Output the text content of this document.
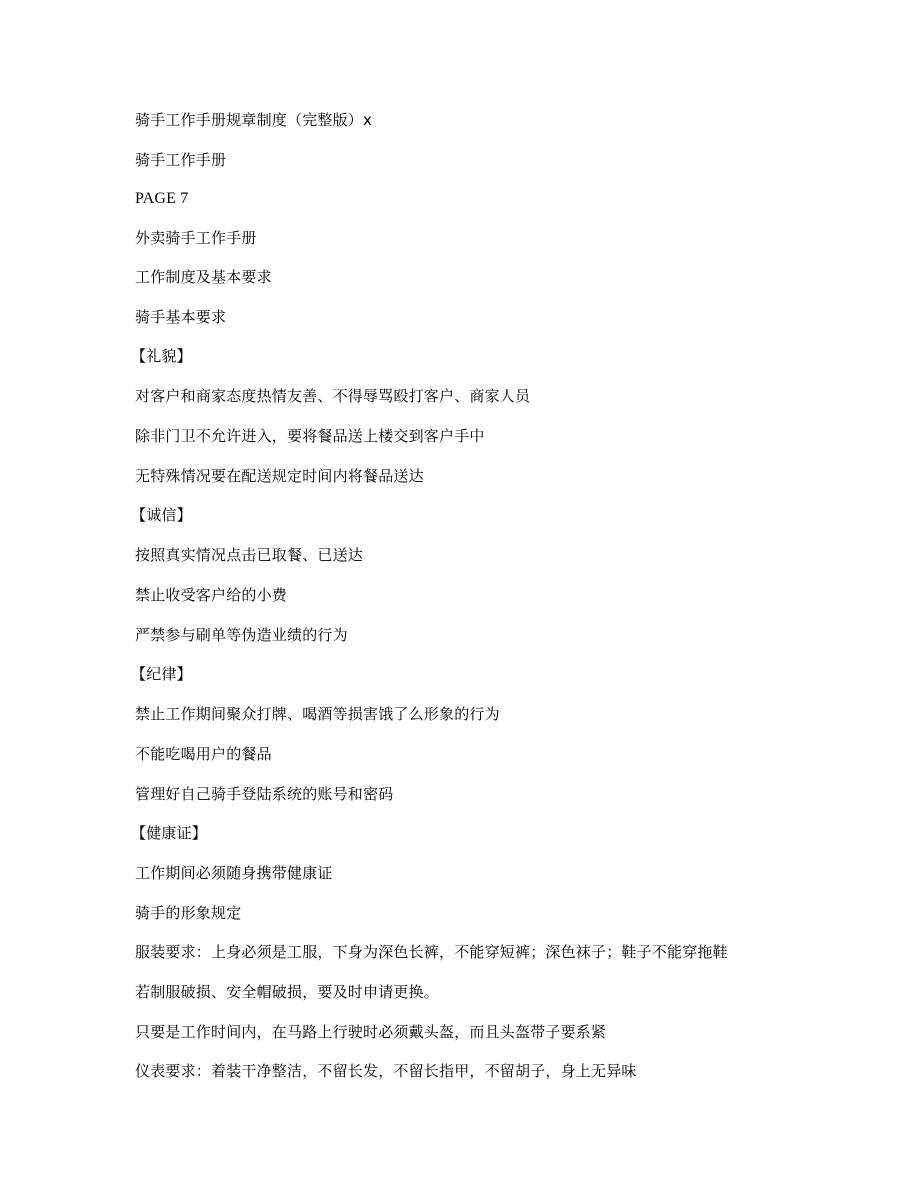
骑手工作手册规章制度（完整版）x
骑手工作手册
PAGE 7
外卖骑手工作手册
工作制度及基本要求
骑手基本要求
【礼貌】
对客户和商家态度热情友善、不得辱骂殴打客户、商家人员
除非门卫不允许进入，要将餐品送上楼交到客户手中
无特殊情况要在配送规定时间内将餐品送达
【诚信】
按照真实情况点击已取餐、已送达
禁止收受客户给的小费
严禁参与刷单等伪造业绩的行为
【纪律】
禁止工作期间聚众打牌、喝酒等损害饿了么形象的行为
不能吃喝用户的餐品
管理好自己骑手登陆系统的账号和密码
【健康证】
工作期间必须随身携带健康证
骑手的形象规定
服装要求：上身必须是工服，下身为深色长裤，不能穿短裤；深色袜子；鞋子不能穿拖鞋
若制服破损、安全帽破损，要及时申请更换。
只要是工作时间内，在马路上行驶时必须戴头盔，而且头盔带子要系紧
仪表要求：着装干净整洁，不留长发，不留长指甲，不留胡子，身上无异味
